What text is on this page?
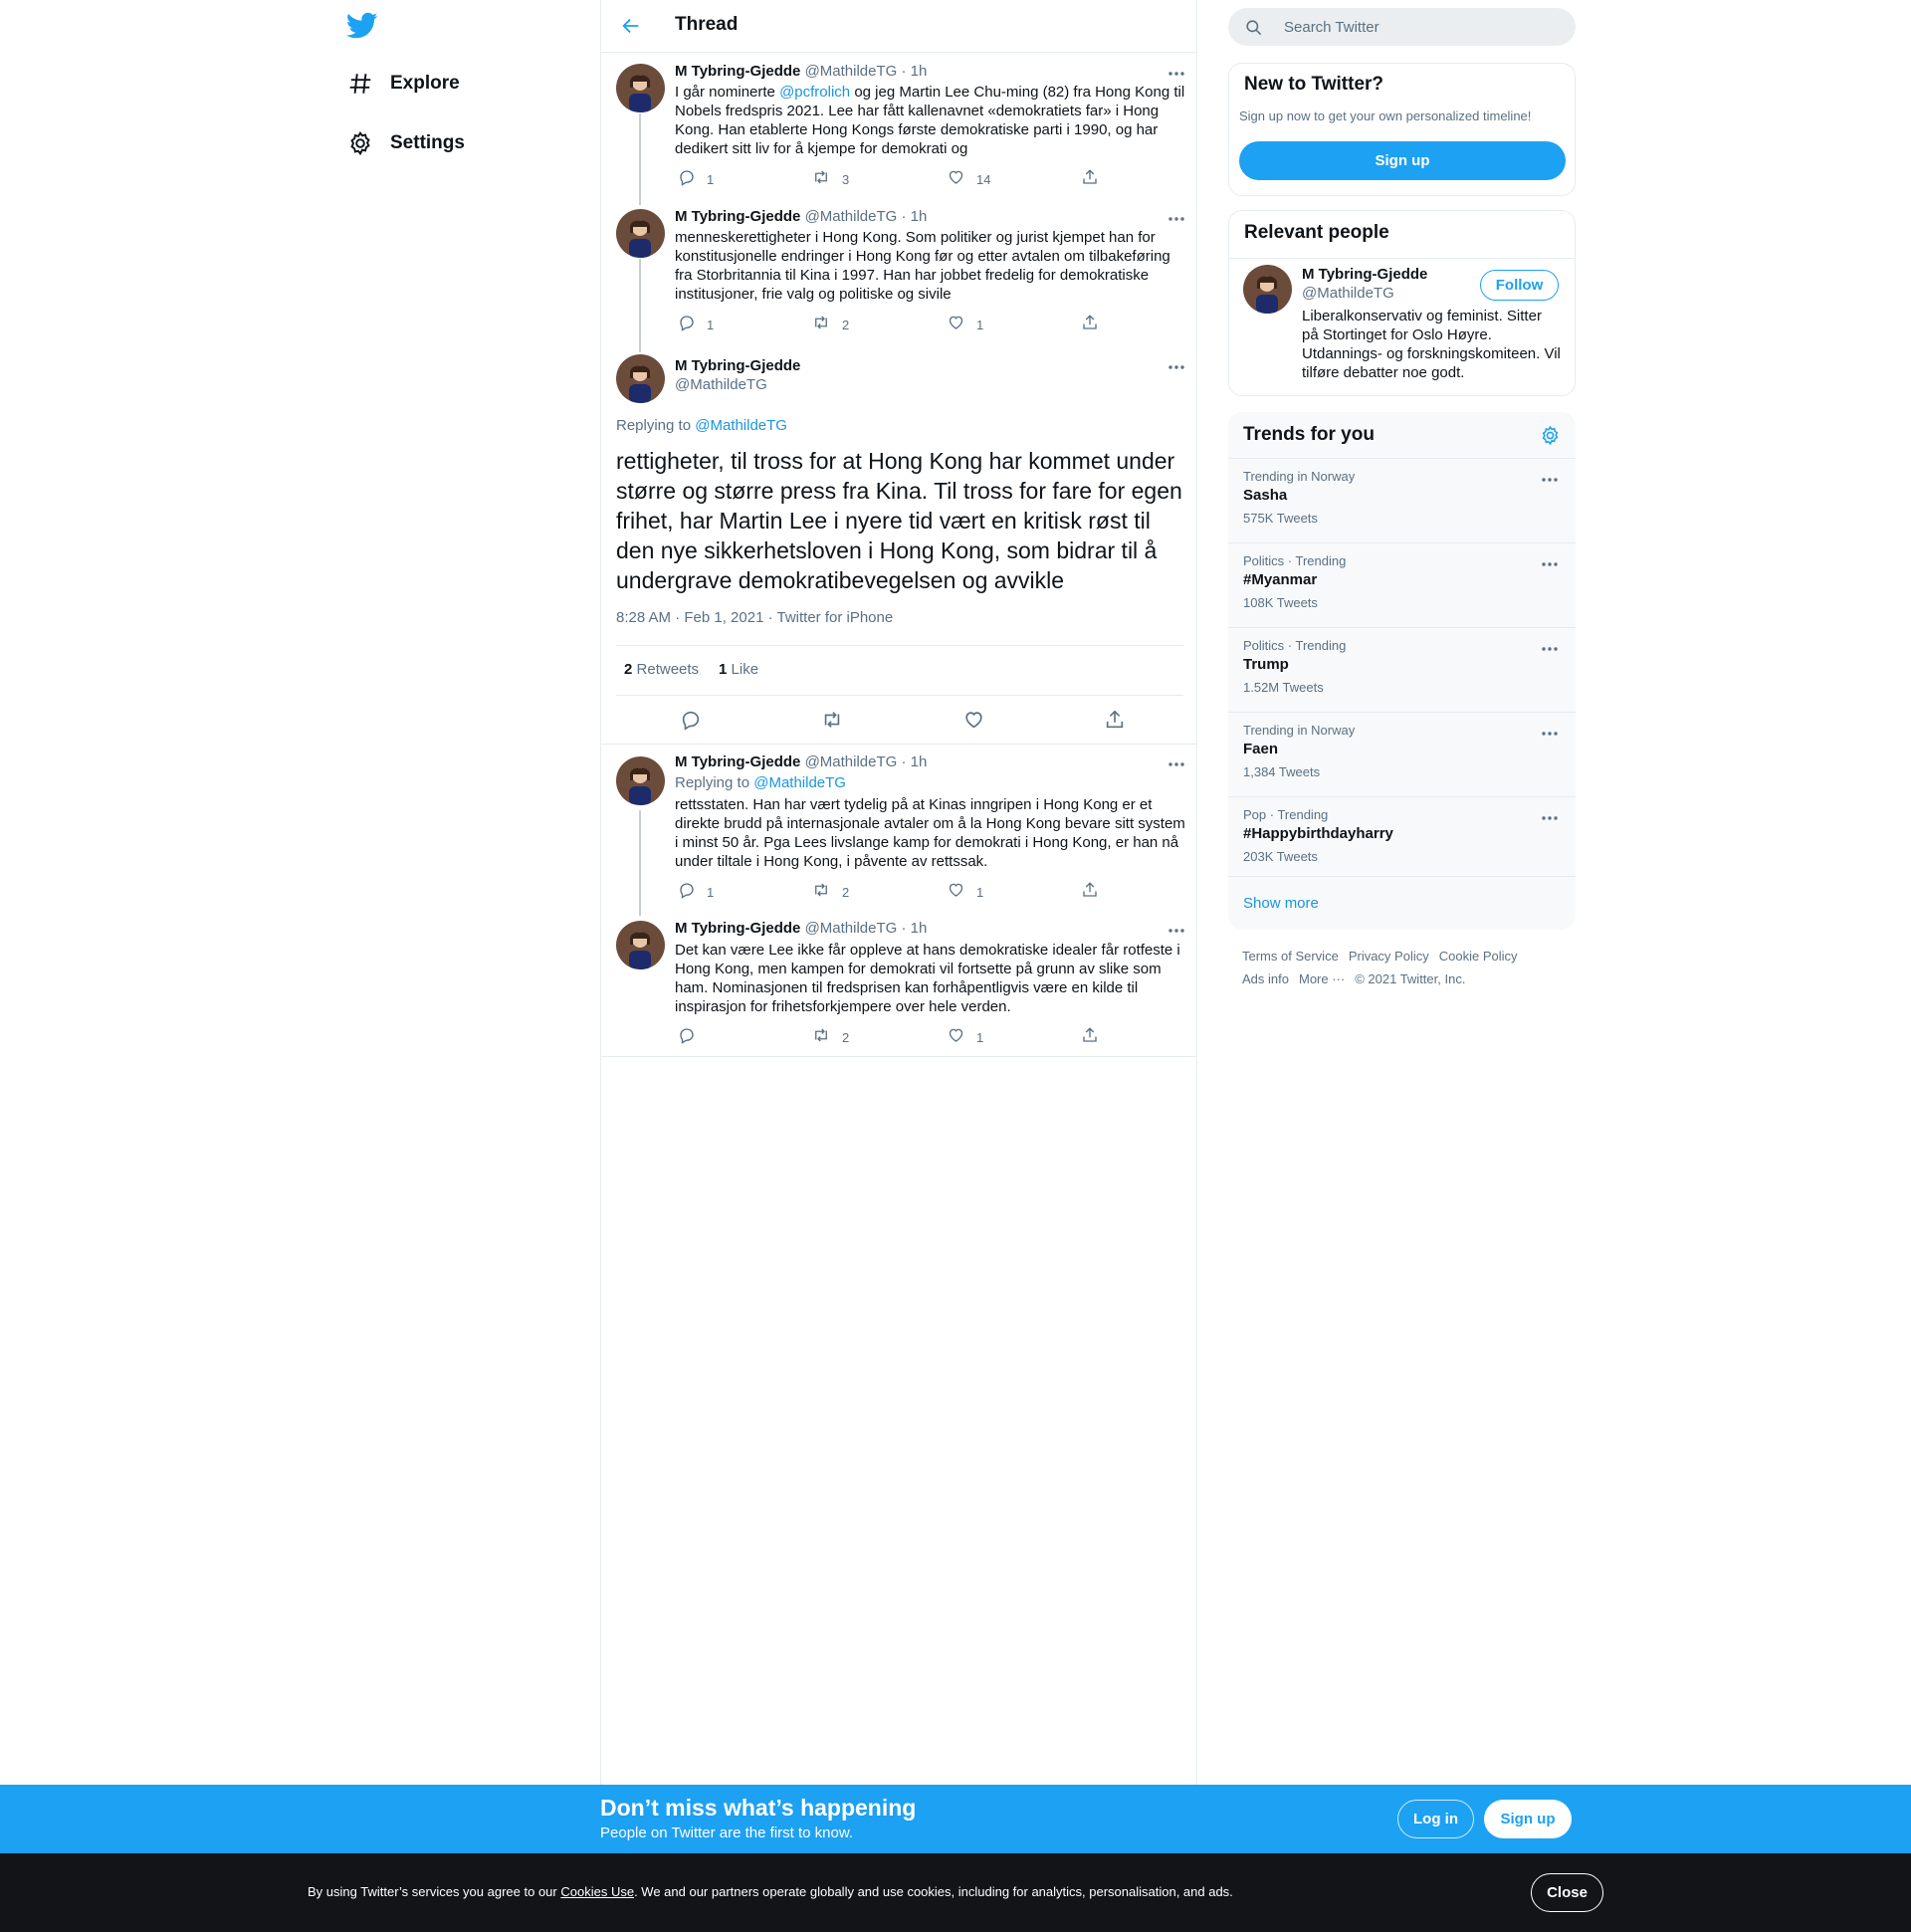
Explore
Settings
Thread
M Tybring-Gjedde @MathildeTG · 1h
I går nominerte @pcfrolich og jeg Martin Lee Chu-ming (82) fra Hong Kong til Nobels fredspris 2021. Lee har fått kallenavnet «demokratiets far» i Hong Kong. Han etablerte Hong Kongs første demokratiske parti i 1990, og har dedikert sitt liv for å kjempe for demokrati og
1	3	14
M Tybring-Gjedde @MathildeTG · 1h
menneskerettigheter i Hong Kong. Som politiker og jurist kjempet han for konstitusjonelle endringer i Hong Kong før og etter avtalen om tilbakeføring fra Storbritannia til Kina i 1997. Han har jobbet fredelig for demokratiske institusjoner, frie valg og politiske og sivile
1	2	1
M Tybring-Gjedde
@MathildeTG
Replying to @MathildeTG
rettigheter, til tross for at Hong Kong har kommet under større og større press fra Kina. Til tross for fare for egen frihet, har Martin Lee i nyere tid vært en kritisk røst til den nye sikkerhetsloven i Hong Kong, som bidrar til å undergrave demokratibevegelsen og avvikle
8:28 AM · Feb 1, 2021 · Twitter for iPhone
2 Retweets 1 Like
M Tybring-Gjedde @MathildeTG · 1h
Replying to @MathildeTG
rettsstaten. Han har vært tydelig på at Kinas inngripen i Hong Kong er et direkte brudd på internasjonale avtaler om å la Hong Kong bevare sitt system i minst 50 år. Pga Lees livslange kamp for demokrati i Hong Kong, er han nå under tiltale i Hong Kong, i påvente av rettssak.
1	2	1
M Tybring-Gjedde @MathildeTG · 1h
Det kan være Lee ikke får oppleve at hans demokratiske idealer får rotfeste i Hong Kong, men kampen for demokrati vil fortsette på grunn av slike som ham. Nominasjonen til fredsprisen kan forhåpentligvis være en kilde til inspirasjon for frihetsforkjempere over hele verden.
2	1
Search Twitter
New to Twitter?
Sign up now to get your own personalized timeline!
Sign up
Relevant people
M Tybring-Gjedde
@MathildeTG	Follow
Liberalkonservativ og feminist. Sitter på Stortinget for Oslo Høyre. Utdannings- og forskningskomiteen. Vil tilføre debatter noe godt.
Trends for you
Trending in Norway
Sasha
575K Tweets
Politics · Trending
#Myanmar
108K Tweets
Politics · Trending
Trump
1.52M Tweets
Trending in Norway
Faen
1,384 Tweets
Pop · Trending
#Happybirthdayharry
203K Tweets
Show more
Terms of Service Privacy Policy Cookie Policy
Ads info More ··· © 2021 Twitter, Inc.
Don’t miss what’s happening
People on Twitter are the first to know.
Log in	Sign up
By using Twitter’s services you agree to our Cookies Use. We and our partners operate globally and use cookies, including for analytics, personalisation, and ads.	Close
